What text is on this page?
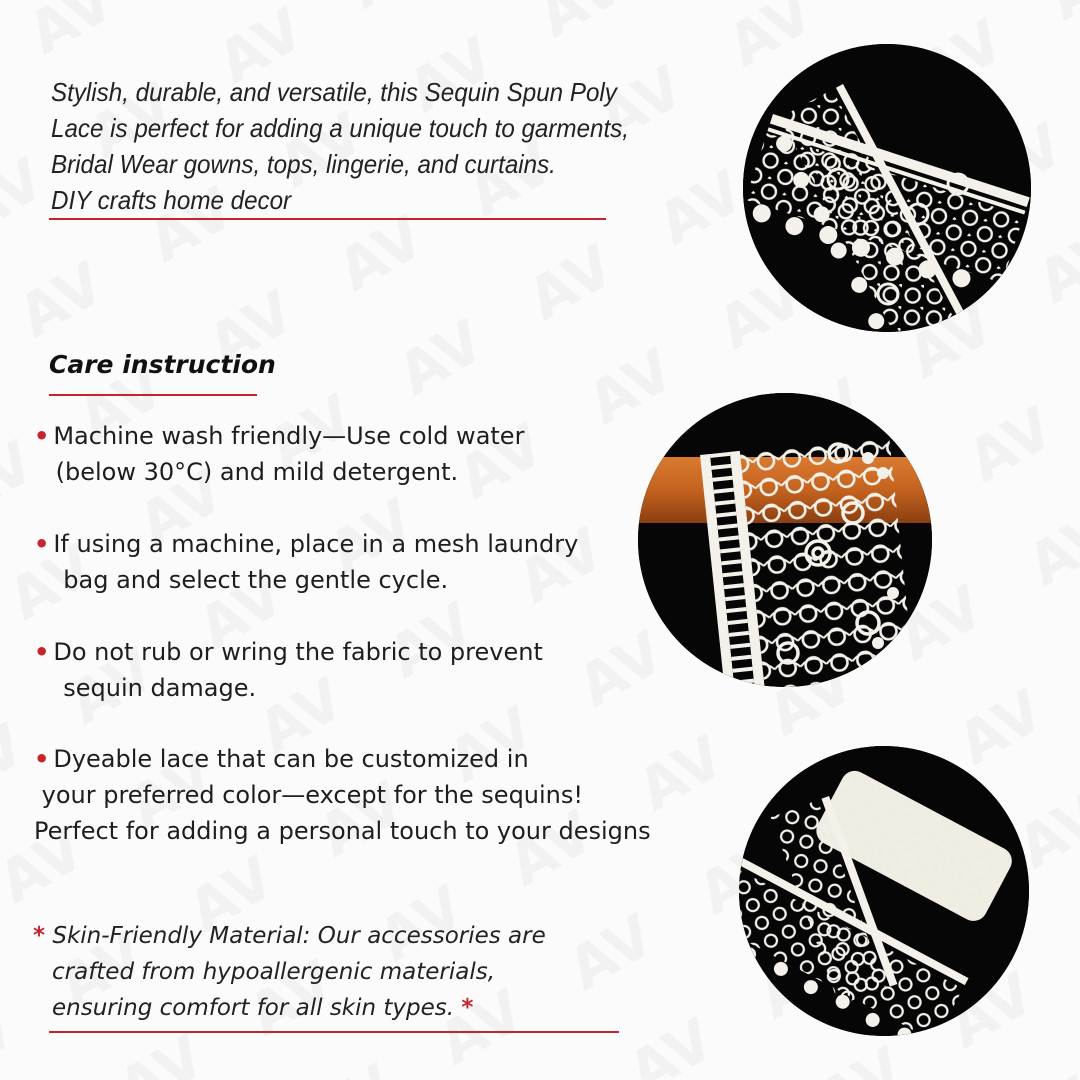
Stylish, durable, and versatile, this Sequin Spun Poly
Lace is perfect for adding a unique touch to garments,
Bridal Wear gowns, tops, lingerie, and curtains.
DIY crafts home decor
Care instruction
• Machine wash friendly—Use cold water
(below 30°C) and mild detergent.
• If using a machine, place in a mesh laundry
bag and select the gentle cycle.
• Do not rub or wring the fabric to prevent
sequin damage.
• Dyeable lace that can be customized in
your preferred color—except for the sequins!
Perfect for adding a personal touch to your designs
* Skin-Friendly Material: Our accessories are
crafted from hypoallergenic materials,
ensuring comfort for all skin types. *
